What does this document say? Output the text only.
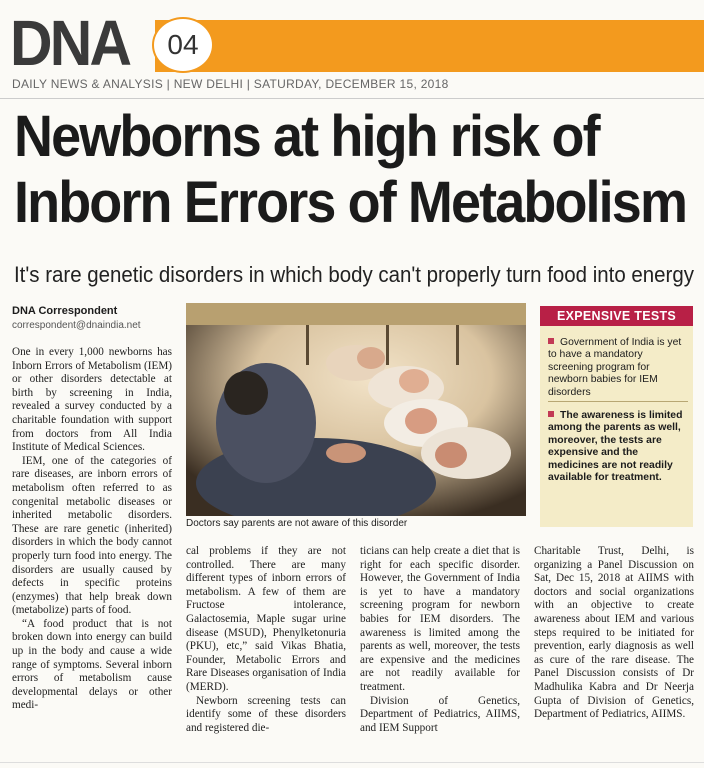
DNA	04
DAILY NEWS & ANALYSIS | NEW DELHI | SATURDAY, DECEMBER 15, 2018
Newborns at high risk of
Inborn Errors of Metabolism
It's rare genetic disorders in which body can't properly turn food into energy
DNA Correspondent
correspondent@dnaindia.net

One in every 1,000 newborns has Inborn Errors of Metabolism (IEM) or other disorders detectable at birth by screening in India, revealed a survey conducted by a charitable foundation with support from doctors from All India Institute of Medical Sciences.

IEM, one of the categories of rare diseases, are inborn errors of metabolism often referred to as congenital metabolic diseases or inherited metabolic disorders. These are rare genetic (inherited) disorders in which the body cannot properly turn food into energy. The disorders are usually caused by defects in specific proteins (enzymes) that help break down (metabolize) parts of food.

“A food product that is not broken down into energy can build up in the body and cause a wide range of symptoms. Several inborn errors of metabolism cause developmental delays or other medi-

Doctors say parents are not aware of this disorder
EXPENSIVE TESTS
Government of India is yet to have a mandatory screening program for newborn babies for IEM disorders
The awareness is limited among the parents as well, moreover, the tests are expensive and the medicines are not readily available for treatment.

cal problems if they are not controlled. There are many different types of inborn errors of metabolism. A few of them are Fructose intolerance, Galactosemia, Maple sugar urine disease (MSUD), Phenylketonuria (PKU), etc,” said Vikas Bhatia, Founder, Metabolic Errors and Rare Diseases organisation of India (MERD).

Newborn screening tests can identify some of these disorders and registered die-

ticians can help create a diet that is right for each specific disorder. However, the Government of India is yet to have a mandatory screening program for newborn babies for IEM disorders. The awareness is limited among the parents as well, moreover, the tests are expensive and the medicines are not readily available for treatment.

Division of Genetics, Department of Pediatrics, AIIMS, and IEM Support

Charitable Trust, Delhi, is organizing a Panel Discussion on Sat, Dec 15, 2018 at AIIMS with doctors and social organizations with an objective to create awareness about IEM and various steps required to be initiated for prevention, early diagnosis as well as cure of the rare disease. The Panel Discussion consists of Dr Madhulika Kabra and Dr Neerja Gupta of Division of Genetics, Department of Pediatrics, AIIMS.
